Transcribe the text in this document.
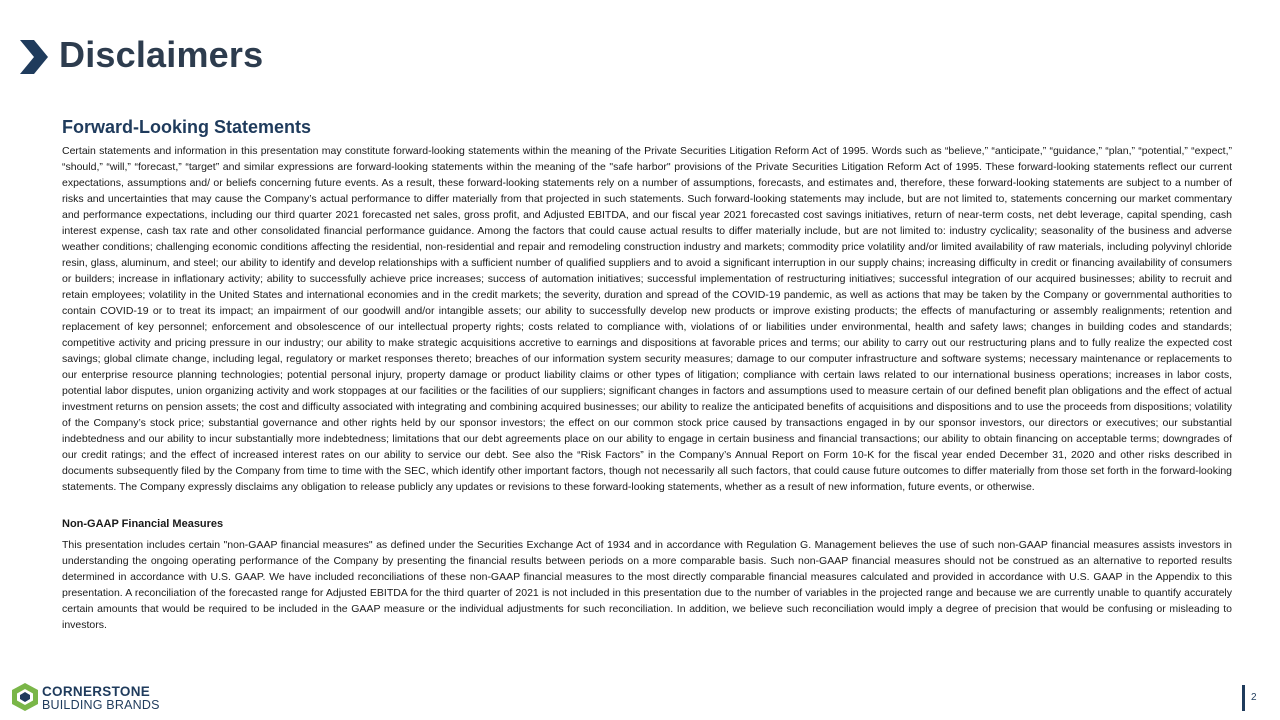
Disclaimers
Forward-Looking Statements

Certain statements and information in this presentation may constitute forward-looking statements within the meaning of the Private Securities Litigation Reform Act of 1995. Words such as “believe,” “anticipate,” “guidance,” “plan,” “potential,” “expect,” “should,” “will,” “forecast,” “target” and similar expressions are forward-looking statements within the meaning of the "safe harbor" provisions of the Private Securities Litigation Reform Act of 1995. These forward-looking statements reflect our current expectations, assumptions and/ or beliefs concerning future events. As a result, these forward-looking statements rely on a number of assumptions, forecasts, and estimates and, therefore, these forward-looking statements are subject to a number of risks and uncertainties that may cause the Company’s actual performance to differ materially from that projected in such statements. Such forward-looking statements may include, but are not limited to, statements concerning our market commentary and performance expectations, including our third quarter 2021 forecasted net sales, gross profit, and Adjusted EBITDA, and our fiscal year 2021 forecasted cost savings initiatives, return of near-term costs, net debt leverage, capital spending, cash interest expense, cash tax rate and other consolidated financial performance guidance. Among the factors that could cause actual results to differ materially include, but are not limited to: industry cyclicality; seasonality of the business and adverse weather conditions; challenging economic conditions affecting the residential, non-residential and repair and remodeling construction industry and markets; commodity price volatility and/or limited availability of raw materials, including polyvinyl chloride resin, glass, aluminum, and steel; our ability to identify and develop relationships with a sufficient number of qualified suppliers and to avoid a significant interruption in our supply chains; increasing difficulty in credit or financing availability of consumers or builders; increase in inflationary activity; ability to successfully achieve price increases; success of automation initiatives; successful implementation of restructuring initiatives; successful integration of our acquired businesses; ability to recruit and retain employees; volatility in the United States and international economies and in the credit markets; the severity, duration and spread of the COVID-19 pandemic, as well as actions that may be taken by the Company or governmental authorities to contain COVID-19 or to treat its impact; an impairment of our goodwill and/or intangible assets; our ability to successfully develop new products or improve existing products; the effects of manufacturing or assembly realignments; retention and replacement of key personnel; enforcement and obsolescence of our intellectual property rights; costs related to compliance with, violations of or liabilities under environmental, health and safety laws; changes in building codes and standards; competitive activity and pricing pressure in our industry; our ability to make strategic acquisitions accretive to earnings and dispositions at favorable prices and terms; our ability to carry out our restructuring plans and to fully realize the expected cost savings; global climate change, including legal, regulatory or market responses thereto; breaches of our information system security measures; damage to our computer infrastructure and software systems; necessary maintenance or replacements to our enterprise resource planning technologies; potential personal injury, property damage or product liability claims or other types of litigation; compliance with certain laws related to our international business operations; increases in labor costs, potential labor disputes, union organizing activity and work stoppages at our facilities or the facilities of our suppliers; significant changes in factors and assumptions used to measure certain of our defined benefit plan obligations and the effect of actual investment returns on pension assets; the cost and difficulty associated with integrating and combining acquired businesses; our ability to realize the anticipated benefits of acquisitions and dispositions and to use the proceeds from dispositions; volatility of the Company’s stock price; substantial governance and other rights held by our sponsor investors; the effect on our common stock price caused by transactions engaged in by our sponsor investors, our directors or executives; our substantial indebtedness and our ability to incur substantially more indebtedness; limitations that our debt agreements place on our ability to engage in certain business and financial transactions; our ability to obtain financing on acceptable terms; downgrades of our credit ratings; and the effect of increased interest rates on our ability to service our debt. See also the “Risk Factors” in the Company’s Annual Report on Form 10-K for the fiscal year ended December 31, 2020 and other risks described in documents subsequently filed by the Company from time to time with the SEC, which identify other important factors, though not necessarily all such factors, that could cause future outcomes to differ materially from those set forth in the forward-looking statements. The Company expressly disclaims any obligation to release publicly any updates or revisions to these forward-looking statements, whether as a result of new information, future events, or otherwise.

Non-GAAP Financial Measures

This presentation includes certain "non-GAAP financial measures" as defined under the Securities Exchange Act of 1934 and in accordance with Regulation G. Management believes the use of such non-GAAP financial measures assists investors in understanding the ongoing operating performance of the Company by presenting the financial results between periods on a more comparable basis. Such non-GAAP financial measures should not be construed as an alternative to reported results determined in accordance with U.S. GAAP. We have included reconciliations of these non-GAAP financial measures to the most directly comparable financial measures calculated and provided in accordance with U.S. GAAP in the Appendix to this presentation. A reconciliation of the forecasted range for Adjusted EBITDA for the third quarter of 2021 is not included in this presentation due to the number of variables in the projected range and because we are currently unable to quantify accurately certain amounts that would be required to be included in the GAAP measure or the individual adjustments for such reconciliation. In addition, we believe such reconciliation would imply a degree of precision that would be confusing or misleading to investors.

CORNERSTONE
BUILDING BRANDS
2
